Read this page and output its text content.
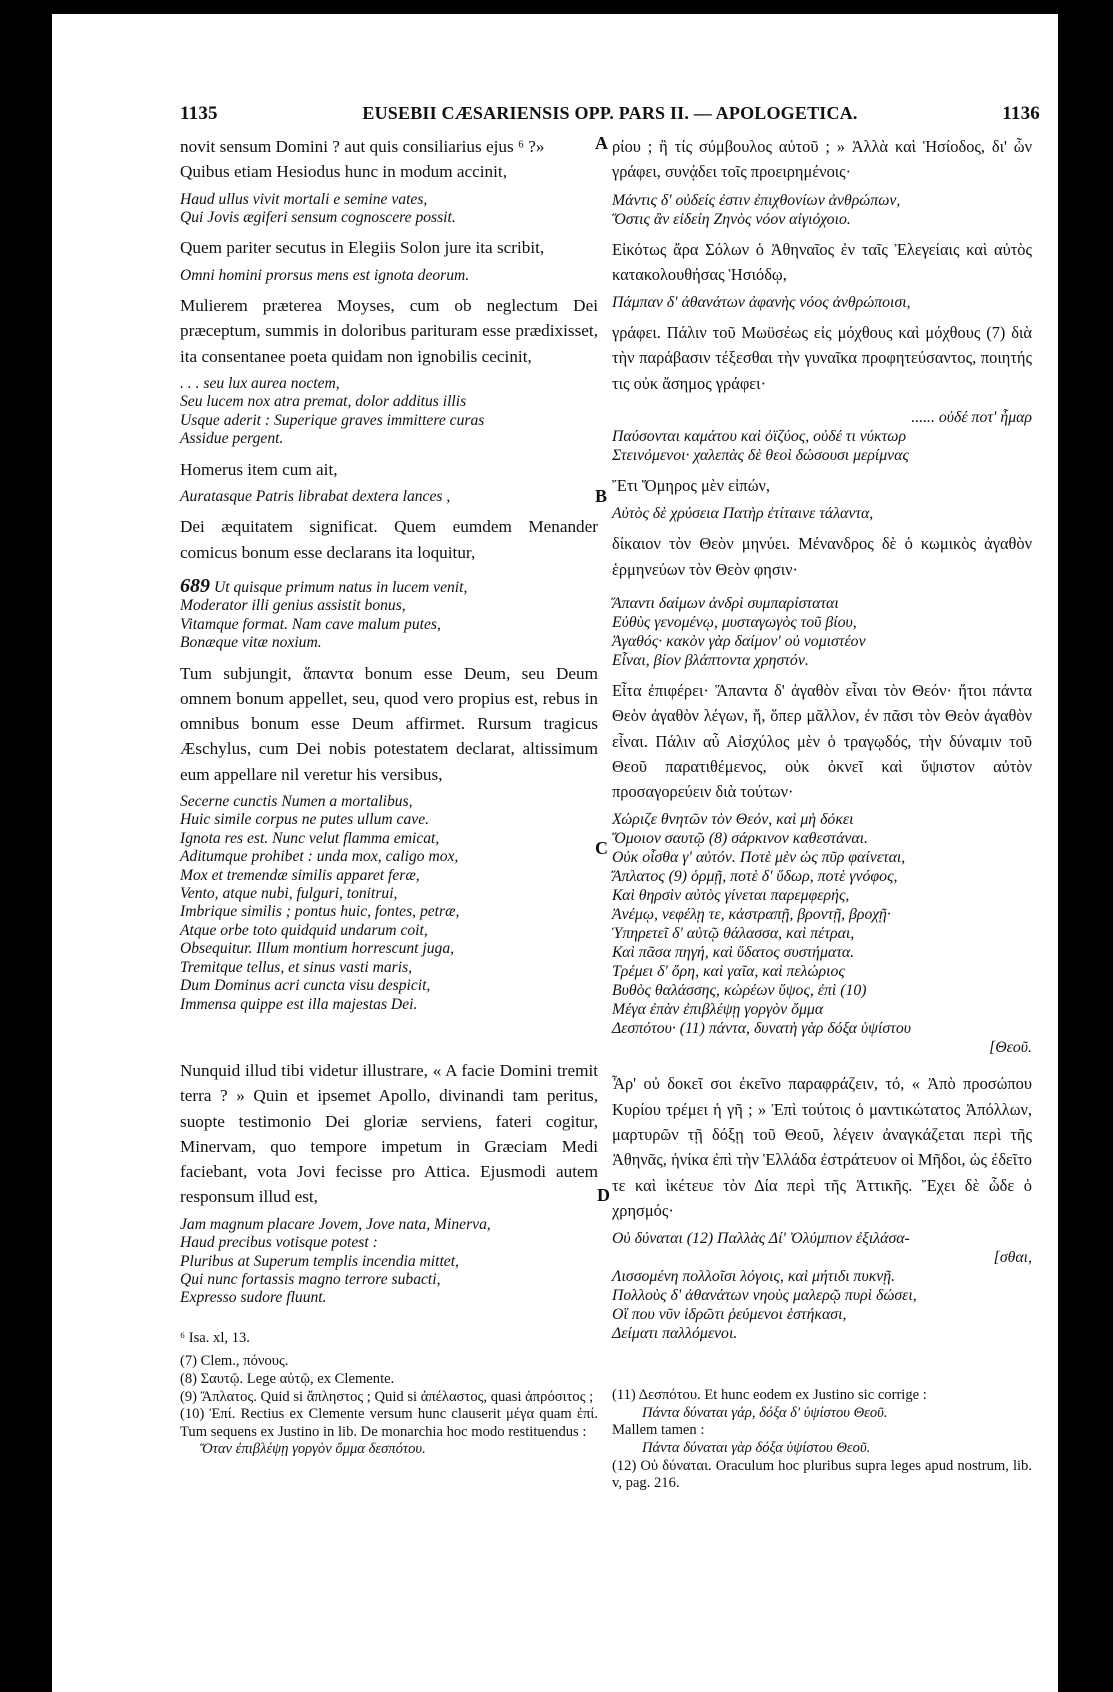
1135	EUSEBII CÆSARIENSIS OPP. PARS II. — APOLOGETICA.	1136
A
B
C
D

novit sensum Domini ? aut quis consiliarius ejus ⁶ ?»

Quibus etiam Hesiodus hunc in modum accinit,

Haud ullus vivit mortali e semine vates,
Qui Jovis ægiferi sensum cognoscere possit.

Quem pariter secutus in Elegiis Solon jure ita scribit,

Omni homini prorsus mens est ignota deorum.

Mulierem præterea Moyses, cum ob neglectum Dei præceptum, summis in doloribus parituram esse prædixisset, ita consentanee poeta quidam non ignobilis cecinit,

. . . seu lux aurea noctem,
Seu lucem nox atra premat, dolor additus illis
Usque aderit : Superique graves immittere curas
Assidue pergent.

Homerus item cum ait,

Auratasque Patris librabat dextera lances ,

Dei æquitatem significat. Quem eumdem Menander comicus bonum esse declarans ita loquitur,

689 Ut quisque primum natus in lucem venit,
Moderator illi genius assistit bonus,
Vitamque format. Nam cave malum putes,
Bonæque vitæ noxium.

Tum subjungit, ἅπαντα bonum esse Deum, seu Deum omnem bonum appellet, seu, quod vero propius est, rebus in omnibus bonum esse Deum affirmet. Rursum tragicus Æschylus, cum Dei nobis potestatem declarat, altissimum eum appellare nil veretur his versibus,

Secerne cunctis Numen a mortalibus,
Huic simile corpus ne putes ullum cave.
Ignota res est. Nunc velut flamma emicat,
Aditumque prohibet : unda mox, caligo mox,
Mox et tremendæ similis apparet feræ,
Vento, atque nubi, fulguri, tonitrui,
Imbrique similis ; pontus huic, fontes, petræ,
Atque orbe toto quidquid undarum coit,
Obsequitur. Illum montium horrescunt juga,
Tremitque tellus, et sinus vasti maris,
Dum Dominus acri cuncta visu despicit,
Immensa quippe est illa majestas Dei.

Nunquid illud tibi videtur illustrare, « A facie Domini tremit terra ? » Quin et ipsemet Apollo, divinandi tam peritus, suopte testimonio Dei gloriæ serviens, fateri cogitur, Minervam, quo tempore impetum in Græciam Medi faciebant, vota Jovi fecisse pro Attica. Ejusmodi autem responsum illud est,

Jam magnum placare Jovem, Jove nata, Minerva,
Haud precibus votisque potest :
Pluribus at Superum templis incendia mittet,
Qui nunc fortassis magno terrore subacti,
Expresso sudore fluunt.

⁶ Isa. xl, 13.

(7) Clem., πόνους.

(8) Σαυτῷ. Lege αὐτῷ, ex Clemente.

(9) Ἄπλατος. Quid si ἄπληστος ; Quid si ἀπέλαστος, quasi ἀπρόσιτος ;

(10) Ἐπί. Rectius ex Clemente versum hunc clauserit μέγα quam ἐπί. Tum sequens ex Justino in lib. De monarchia hoc modo restituendus :

Ὅταν ἐπιβλέψῃ γοργὸν ὄμμα δεσπότου.

ρίου ; ἢ τίς σύμβουλος αὐτοῦ ; » Ἀλλὰ καὶ Ἡσίοδος, δι' ὧν γράφει, συνᾴδει τοῖς προειρημένοις·

Μάντις δ' οὐδείς ἐστιν ἐπιχθονίων ἀνθρώπων,
Ὅστις ἂν εἰδείη Ζηνὸς νόον αἰγιόχοιο.

Εἰκότως ἄρα Σόλων ὁ Ἀθηναῖος ἐν ταῖς Ἐλεγείαις καὶ αὐτὸς κατακολουθήσας Ἡσιόδῳ,

Πάμπαν δ' ἀθανάτων ἀφανὴς νόος ἀνθρώποισι,

γράφει. Πάλιν τοῦ Μωϋσέως εἰς μόχθους καὶ μόχθους (7) διὰ τὴν παράβασιν τέξεσθαι τὴν γυναῖκα προφητεύσαντος, ποιητής τις οὐκ ἄσημος γράφει·

...... οὐδέ ποτ' ἦμαρ
Παύσονται καμάτου καὶ ὀϊζύος, οὐδέ τι νύκτωρ
Στεινόμενοι· χαλεπὰς δὲ θεοὶ δώσουσι μερίμνας

Ἔτι Ὅμηρος μὲν εἰπών,

Αὐτὸς δὲ χρύσεια Πατὴρ ἐτίταινε τάλαντα,

δίκαιον τὸν Θεὸν μηνύει. Μένανδρος δὲ ὁ κωμικὸς ἀγαθὸν ἑρμηνεύων τὸν Θεὸν φησιν·

Ἅπαντι δαίμων ἀνδρὶ συμπαρίσταται
Εὐθὺς γενομένῳ, μυσταγωγὸς τοῦ βίου,
Ἀγαθός· κακὸν γὰρ δαίμον' οὐ νομιστέον
Εἶναι, βίον βλάπτοντα χρηστόν.

Εἶτα ἐπιφέρει· Ἅπαντα δ' ἀγαθὸν εἶναι τὸν Θεόν· ἤτοι πάντα Θεὸν ἀγαθὸν λέγων, ἤ, ὅπερ μᾶλλον, ἐν πᾶσι τὸν Θεὸν ἀγαθὸν εἶναι. Πάλιν αὖ Αἰσχύλος μὲν ὁ τραγῳδός, τὴν δύναμιν τοῦ Θεοῦ παρατιθέμενος, οὐκ ὀκνεῖ καὶ ὕψιστον αὐτὸν προσαγορεύειν διὰ τούτων·

Χώριζε θνητῶν τὸν Θεόν, καὶ μὴ δόκει
Ὅμοιον σαυτῷ (8) σάρκινον καθεστάναι.
Οὐκ οἶσθα γ' αὐτόν. Ποτὲ μὲν ὡς πῦρ φαίνεται,
Ἄπλατος (9) ὁρμῇ, ποτὲ δ' ὕδωρ, ποτὲ γνόφος,
Καὶ θηρσὶν αὐτὸς γίνεται παρεμφερής,
Ἀνέμῳ, νεφέλῃ τε, κἀστραπῇ, βροντῇ, βροχῇ·
Ὑπηρετεῖ δ' αὐτῷ θάλασσα, καὶ πέτραι,
Καὶ πᾶσα πηγή, καὶ ὕδατος συστήματα.
Τρέμει δ' ὄρη, καὶ γαῖα, καὶ πελώριος
Βυθὸς θαλάσσης, κὠρέων ὕψος, ἐπὶ (10)
Μέγα ἐπὰν ἐπιβλέψῃ γοργὸν ὄμμα
Δεσπότου· (11) πάντα, δυνατὴ γὰρ δόξα ὑψίστου
[Θεοῦ.

Ἆρ' οὐ δοκεῖ σοι ἐκεῖνο παραφράζειν, τό, « Ἀπὸ προσώπου Κυρίου τρέμει ἡ γῆ ; » Ἐπὶ τούτοις ὁ μαντικώτατος Ἀπόλλων, μαρτυρῶν τῇ δόξῃ τοῦ Θεοῦ, λέγειν ἀναγκάζεται περὶ τῆς Ἀθηνᾶς, ἡνίκα ἐπὶ τὴν Ἑλλάδα ἐστράτευον οἱ Μῆδοι, ὡς ἐδεῖτο τε καὶ ἱκέτευε τὸν Δία περὶ τῆς Ἀττικῆς. Ἔχει δὲ ὧδε ὁ χρησμός·

Οὐ δύναται (12) Παλλὰς Δί' Ὀλύμπιον ἐξιλάσα-
[σθαι,
Λισσομένη πολλοῖσι λόγοις, καὶ μήτιδι πυκνῇ.
Πολλοὺς δ' ἀθανάτων νηοὺς μαλερῷ πυρὶ δώσει,
Οἵ που νῦν ἱδρῶτι ῥεύμενοι ἑστήκασι,
Δείματι παλλόμενοι.

(11) Δεσπότου. Et hunc eodem ex Justino sic corrige :

Πάντα δύναται γάρ, δόξα δ' ὑψίστου Θεοῦ.

Mallem tamen :

Πάντα δύναται γὰρ δόξα ὑψίστου Θεοῦ.

(12) Οὐ δύναται. Oraculum hoc pluribus supra leges apud nostrum, lib. v, pag. 216.
